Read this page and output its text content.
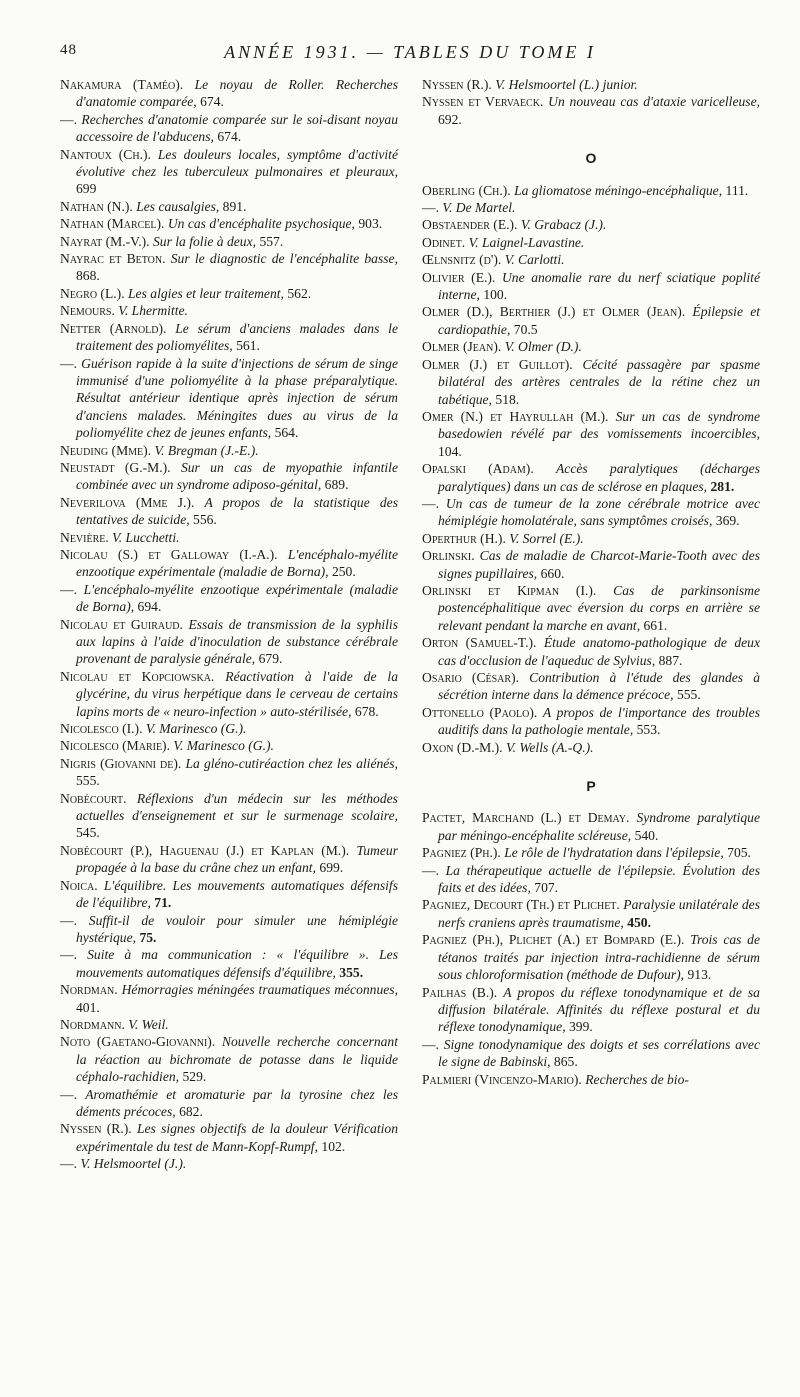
48	ANNÉE 1931. — TABLES DU TOME I

Nakamura (Taméo). Le noyau de Roller. Recherches d'anatomie comparée, 674.

—. Recherches d'anatomie comparée sur le soi-disant noyau accessoire de l'abducens, 674.

Nantoux (Ch.). Les douleurs locales, symptôme d'activité évolutive chez les tuberculeux pulmonaires et pleuraux, 699

Nathan (N.). Les causalgies, 891.

Nathan (Marcel). Un cas d'encéphalite psychosique, 903.

Nayrat (M.-V.). Sur la folie à deux, 557.

Nayrac et Beton. Sur le diagnostic de l'encéphalite basse, 868.

Negro (L.). Les algies et leur traitement, 562.

Nemours. V. Lhermitte.

Netter (Arnold). Le sérum d'anciens malades dans le traitement des poliomyélites, 561.

—. Guérison rapide à la suite d'injections de sérum de singe immunisé d'une poliomyélite à la phase préparalytique. Résultat antérieur identique après injection de sérum d'anciens malades. Méningites dues au virus de la poliomyélite chez de jeunes enfants, 564.

Neuding (Mme). V. Bregman (J.-E.).

Neustadt (G.-M.). Sur un cas de myopathie infantile combinée avec un syndrome adiposo-génital, 689.

Neverilova (Mme J.). A propos de la statistique des tentatives de suicide, 556.

Nevière. V. Lucchetti.

Nicolau (S.) et Galloway (I.-A.). L'encéphalo-myélite enzootique expérimentale (maladie de Borna), 250.

—. L'encéphalo-myélite enzootique expérimentale (maladie de Borna), 694.

Nicolau et Guiraud. Essais de transmission de la syphilis aux lapins à l'aide d'inoculation de substance cérébrale provenant de paralysie générale, 679.

Nicolau et Kopciowska. Réactivation à l'aide de la glycérine, du virus herpétique dans le cerveau de certains lapins morts de « neuro-infection » auto-stérilisée, 678.

Nicolesco (I.). V. Marinesco (G.).

Nicolesco (Marie). V. Marinesco (G.).

Nigris (Giovanni de). La gléno-cutiréaction chez les aliénés, 555.

Nobécourt. Réflexions d'un médecin sur les méthodes actuelles d'enseignement et sur le surmenage scolaire, 545.

Nobécourt (P.), Haguenau (J.) et Kaplan (M.). Tumeur propagée à la base du crâne chez un enfant, 699.

Noica. L'équilibre. Les mouvements automatiques défensifs de l'équilibre, 71.

—. Suffit-il de vouloir pour simuler une hémiplégie hystérique, 75.

—. Suite à ma communication : « l'équilibre ». Les mouvements automatiques défensifs d'équilibre, 355.

Nordman. Hémorragies méningées traumatiques méconnues, 401.

Nordmann. V. Weil.

Noto (Gaetano-Giovanni). Nouvelle recherche concernant la réaction au bichromate de potasse dans le liquide céphalo-rachidien, 529.

—. Aromathémie et aromaturie par la tyrosine chez les déments précoces, 682.

Nyssen (R.). Les signes objectifs de la douleur Vérification expérimentale du test de Mann-Kopf-Rumpf, 102.

—. V. Helsmoortel (J.).

Nyssen (R.). V. Helsmoortel (L.) junior.

Nyssen et Vervaeck. Un nouveau cas d'ataxie varicelleuse, 692.

O

Oberling (Ch.). La gliomatose méningo-encéphalique, 111.

—. V. De Martel.

Obstaender (E.). V. Grabacz (J.).

Odinet. V. Laignel-Lavastine.

Œlnsnitz (d'). V. Carlotti.

Olivier (E.). Une anomalie rare du nerf sciatique poplité interne, 100.

Olmer (D.), Berthier (J.) et Olmer (Jean). Épilepsie et cardiopathie, 70.5

Olmer (Jean). V. Olmer (D.).

Olmer (J.) et Guillot). Cécité passagère par spasme bilatéral des artères centrales de la rétine chez un tabétique, 518.

Omer (N.) et Hayrullah (M.). Sur un cas de syndrome basedowien révélé par des vomissements incoercibles, 104.

Opalski (Adam). Accès paralytiques (décharges paralytiques) dans un cas de sclérose en plaques, 281.

—. Un cas de tumeur de la zone cérébrale motrice avec hémiplégie homolatérale, sans symptômes croisés, 369.

Operthur (H.). V. Sorrel (E.).

Orlinski. Cas de maladie de Charcot-Marie-Tooth avec des signes pupillaires, 660.

Orlinski et Kipman (I.). Cas de parkinsonisme postencéphalitique avec éversion du corps en arrière se relevant pendant la marche en avant, 661.

Orton (Samuel-T.). Étude anatomo-pathologique de deux cas d'occlusion de l'aqueduc de Sylvius, 887.

Osario (César). Contribution à l'étude des glandes à sécrétion interne dans la démence précoce, 555.

Ottonello (Paolo). A propos de l'importance des troubles auditifs dans la pathologie mentale, 553.

Oxon (D.-M.). V. Wells (A.-Q.).

P

Pactet, Marchand (L.) et Demay. Syndrome paralytique par méningo-encéphalite scléreuse, 540.

Pagniez (Ph.). Le rôle de l'hydratation dans l'épilepsie, 705.

—. La thérapeutique actuelle de l'épilepsie. Évolution des faits et des idées, 707.

Pagniez, Decourt (Th.) et Plichet. Paralysie unilatérale des nerfs craniens après traumatisme, 450.

Pagniez (Ph.), Plichet (A.) et Bompard (E.). Trois cas de tétanos traités par injection intra-rachidienne de sérum sous chloroformisation (méthode de Dufour), 913.

Pailhas (B.). A propos du réflexe tonodynamique et de sa diffusion bilatérale. Affinités du réflexe postural et du réflexe tonodynamique, 399.

—. Signe tonodynamique des doigts et ses corrélations avec le signe de Babinski, 865.

Palmieri (Vincenzo-Mario). Recherches de bio-
